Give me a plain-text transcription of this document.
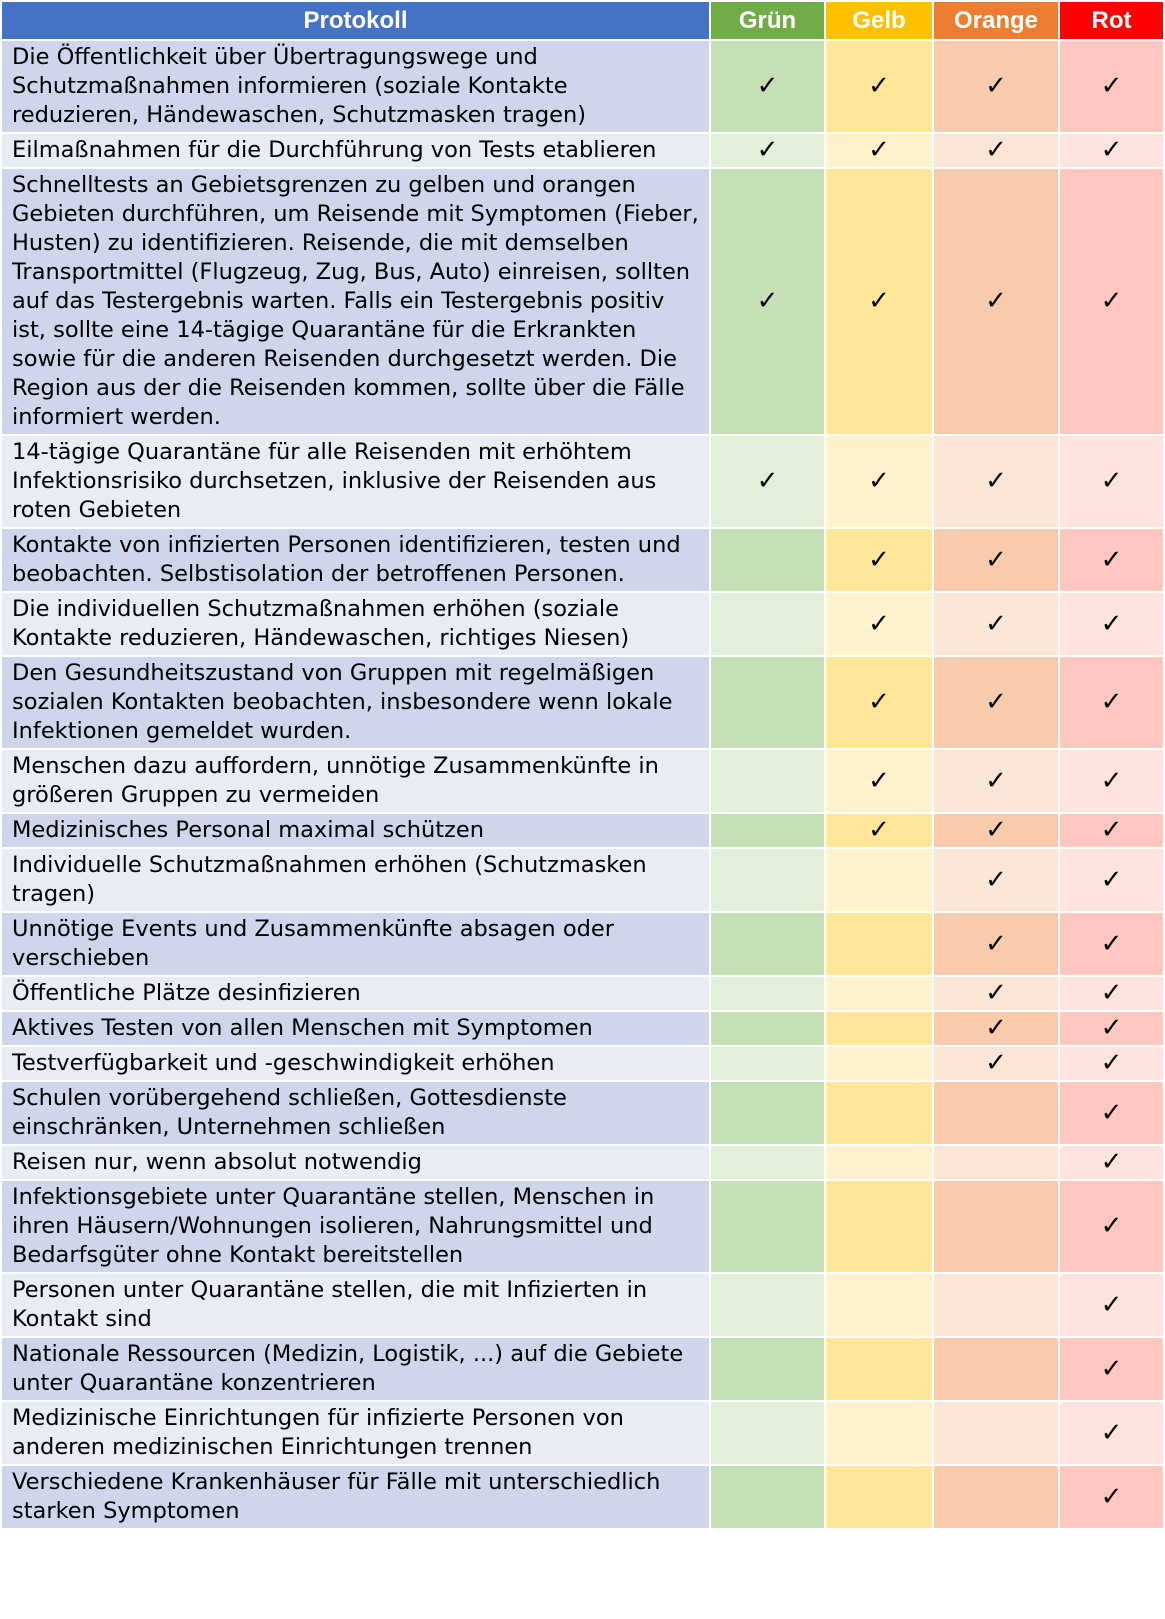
Protokoll	Grün	Gelb	Orange	Rot
Die Öffentlichkeit über Übertragungswege und Schutzmaßnahmen informieren (soziale Kontakte reduzieren, Händewaschen, Schutzmasken tragen)	✓	✓	✓	✓
Eilmaßnahmen für die Durchführung von Tests etablieren	✓	✓	✓	✓
Schnelltests an Gebietsgrenzen zu gelben und orangen Gebieten durchführen, um Reisende mit Symptomen (Fieber, Husten) zu identifizieren. Reisende, die mit demselben Transportmittel (Flugzeug, Zug, Bus, Auto) einreisen, sollten auf das Testergebnis warten. Falls ein Testergebnis positiv ist, sollte eine 14-tägige Quarantäne für die Erkrankten sowie für die anderen Reisenden durchgesetzt werden. Die Region aus der die Reisenden kommen, sollte über die Fälle informiert werden.	✓	✓	✓	✓
14-tägige Quarantäne für alle Reisenden mit erhöhtem Infektionsrisiko durchsetzen, inklusive der Reisenden aus roten Gebieten	✓	✓	✓	✓
Kontakte von infizierten Personen identifizieren, testen und beobachten. Selbstisolation der betroffenen Personen.		✓	✓	✓
Die individuellen Schutzmaßnahmen erhöhen (soziale Kontakte reduzieren, Händewaschen, richtiges Niesen)		✓	✓	✓
Den Gesundheitszustand von Gruppen mit regelmäßigen sozialen Kontakten beobachten, insbesondere wenn lokale Infektionen gemeldet wurden.		✓	✓	✓
Menschen dazu auffordern, unnötige Zusammenkünfte in größeren Gruppen zu vermeiden		✓	✓	✓
Medizinisches Personal maximal schützen		✓	✓	✓
Individuelle Schutzmaßnahmen erhöhen (Schutzmasken tragen)			✓	✓
Unnötige Events und Zusammenkünfte absagen oder verschieben			✓	✓
Öffentliche Plätze desinfizieren			✓	✓
Aktives Testen von allen Menschen mit Symptomen			✓	✓
Testverfügbarkeit und -geschwindigkeit erhöhen			✓	✓
Schulen vorübergehend schließen, Gottesdienste einschränken, Unternehmen schließen				✓
Reisen nur, wenn absolut notwendig				✓
Infektionsgebiete unter Quarantäne stellen, Menschen in ihren Häusern/Wohnungen isolieren, Nahrungsmittel und Bedarfsgüter ohne Kontakt bereitstellen				✓
Personen unter Quarantäne stellen, die mit Infizierten in Kontakt sind				✓
Nationale Ressourcen (Medizin, Logistik, ...) auf die Gebiete unter Quarantäne konzentrieren				✓
Medizinische Einrichtungen für infizierte Personen von anderen medizinischen Einrichtungen trennen				✓
Verschiedene Krankenhäuser für Fälle mit unterschiedlich starken Symptomen				✓
